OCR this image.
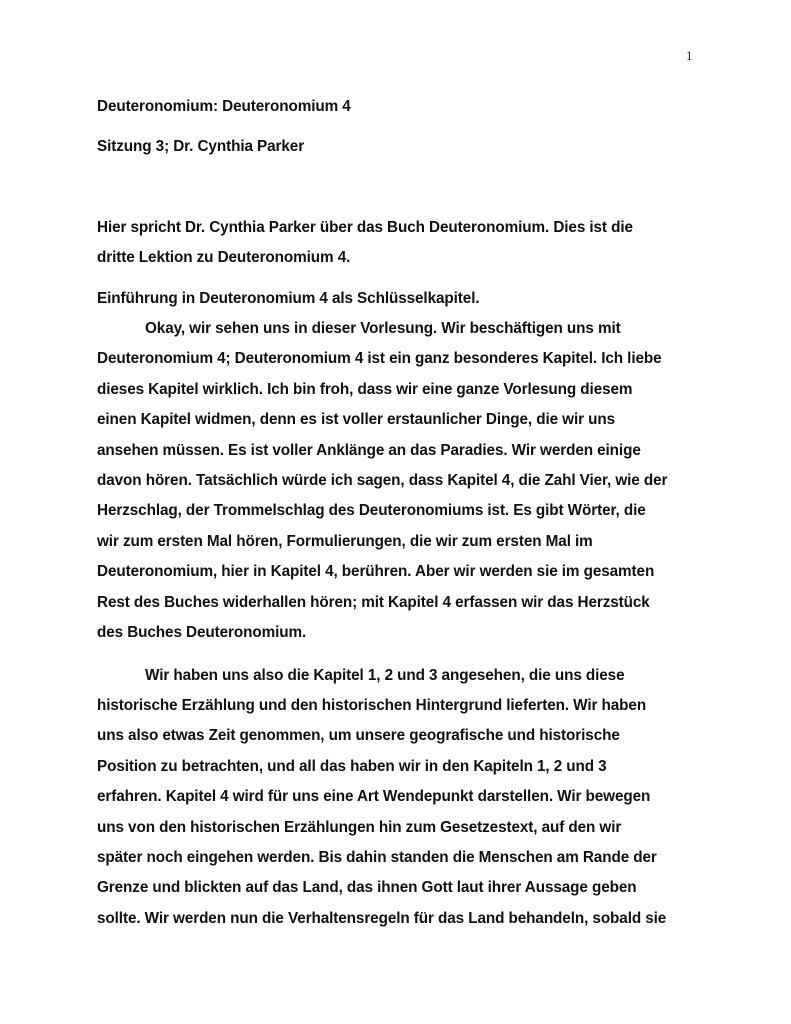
1

Deuteronomium: Deuteronomium 4

Sitzung 3; Dr. Cynthia Parker

Hier spricht Dr. Cynthia Parker über das Buch Deuteronomium. Dies ist die
dritte Lektion zu Deuteronomium 4.

Einführung in Deuteronomium 4 als Schlüsselkapitel.

Okay, wir sehen uns in dieser Vorlesung. Wir beschäftigen uns mit
Deuteronomium 4; Deuteronomium 4 ist ein ganz besonderes Kapitel. Ich liebe
dieses Kapitel wirklich. Ich bin froh, dass wir eine ganze Vorlesung diesem
einen Kapitel widmen, denn es ist voller erstaunlicher Dinge, die wir uns
ansehen müssen. Es ist voller Anklänge an das Paradies. Wir werden einige
davon hören. Tatsächlich würde ich sagen, dass Kapitel 4, die Zahl Vier, wie der
Herzschlag, der Trommelschlag des Deuteronomiums ist. Es gibt Wörter, die
wir zum ersten Mal hören, Formulierungen, die wir zum ersten Mal im
Deuteronomium, hier in Kapitel 4, berühren. Aber wir werden sie im gesamten
Rest des Buches widerhallen hören; mit Kapitel 4 erfassen wir das Herzstück
des Buches Deuteronomium.

Wir haben uns also die Kapitel 1, 2 und 3 angesehen, die uns diese
historische Erzählung und den historischen Hintergrund lieferten. Wir haben
uns also etwas Zeit genommen, um unsere geografische und historische
Position zu betrachten, und all das haben wir in den Kapiteln 1, 2 und 3
erfahren. Kapitel 4 wird für uns eine Art Wendepunkt darstellen. Wir bewegen
uns von den historischen Erzählungen hin zum Gesetzestext, auf den wir
später noch eingehen werden. Bis dahin standen die Menschen am Rande der
Grenze und blickten auf das Land, das ihnen Gott laut ihrer Aussage geben
sollte. Wir werden nun die Verhaltensregeln für das Land behandeln, sobald sie
